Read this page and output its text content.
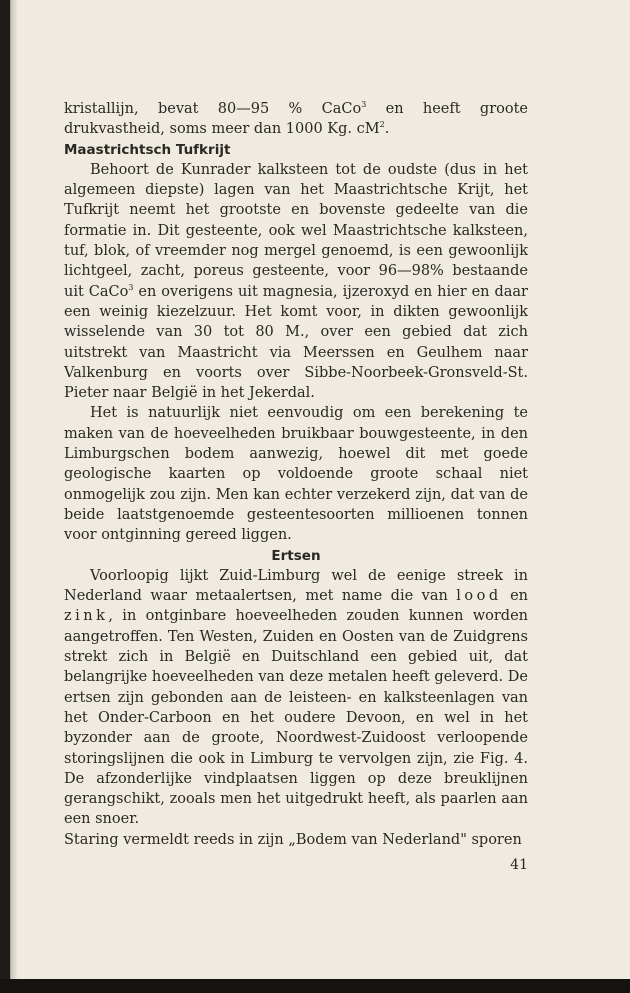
kristallijn, bevat 80—95 % CaCo$^3$ en heeft groote drukvastheid, soms meer dan 1000 Kg. $cM^2$.

Maastrichtsch Tufkrijt

Behoort de Kunrader kalksteen tot de oudste (dus in het algemeen diepste) lagen van het Maastrichtsche Krijt, het Tufkrijt neemt het grootste en bovenste gedeelte van die formatie in. Dit gesteente, ook wel Maastrichtsche kalksteen, tuf, blok, of vreemder nog mergel genoemd, is een gewoonlijk lichtgeel, zacht, poreus gesteente, voor 96—98% bestaande uit CaCo$^3$ en overigens uit magnesia, ijzeroxyd en hier en daar een weinig kiezelzuur. Het komt voor, in dikten gewoonlijk wisselende van 30 tot 80 M., over een gebied dat zich uitstrekt van Maastricht via Meerssen en Geulhem naar Valkenburg en voorts over Sibbe-Noorbeek-Gronsveld-St. Pieter naar België in het Jekerdal.

Het is natuurlijk niet eenvoudig om een berekening te maken van de hoeveelheden bruikbaar bouwgesteente, in den Limburgschen bodem aanwezig, hoewel dit met goede geologische kaarten op voldoende groote schaal niet onmogelijk zou zijn. Men kan echter verzekerd zijn, dat van de beide laatstgenoemde gesteentesoorten millioenen tonnen voor ontginning gereed liggen.

Ertsen

Voorloopig lijkt Zuid-Limburg wel de eenige streek in Nederland waar metaalertsen, met name die van lood en zink, in ontginbare hoeveelheden zouden kunnen worden aangetroffen. Ten Westen, Zuiden en Oosten van de Zuidgrens strekt zich in België en Duitschland een gebied uit, dat belangrijke hoeveelheden van deze metalen heeft geleverd. De ertsen zijn gebonden aan de leisteen- en kalksteenlagen van het Onder-Carboon en het oudere Devoon, en wel in het byzonder aan de groote, Noordwest-Zuidoost verloopende storingslijnen die ook in Limburg te vervolgen zijn, zie Fig. 4. De afzonderlijke vindplaatsen liggen op deze breuklijnen gerangschikt, zooals men het uitgedrukt heeft, als paarlen aan een snoer.

Staring vermeldt reeds in zijn „Bodem van Nederland" sporen

41
